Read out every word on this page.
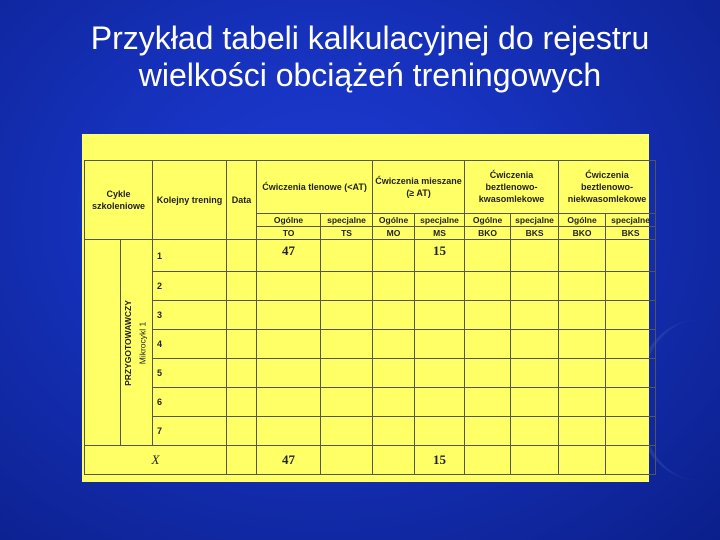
Przykład tabeli kalkulacyjnej do rejestru wielkości obciążeń treningowych
Cykle szkoleniowe		Kolejny trening	Data	Ćwiczenia tlenowe (<AT)		Ćwiczenia mieszane (≥ AT)		Ćwiczenia beztlenowo-kwasomlekowe		Ćwiczenia beztlenowo-niekwasomlekowe	
				Ogólne	specjalne	Ogólne	specjalne	Ogólne	specjalne	Ogólne	specjalne
				TO	TS	MO	MS	BKO	BKS	BKO	BKS
PRZYGOTOWAWCZY	Mikrocykl 1	1		47			15				
		2									
		3									
		4									
		5									
		6									
		7									
X				47			15				
